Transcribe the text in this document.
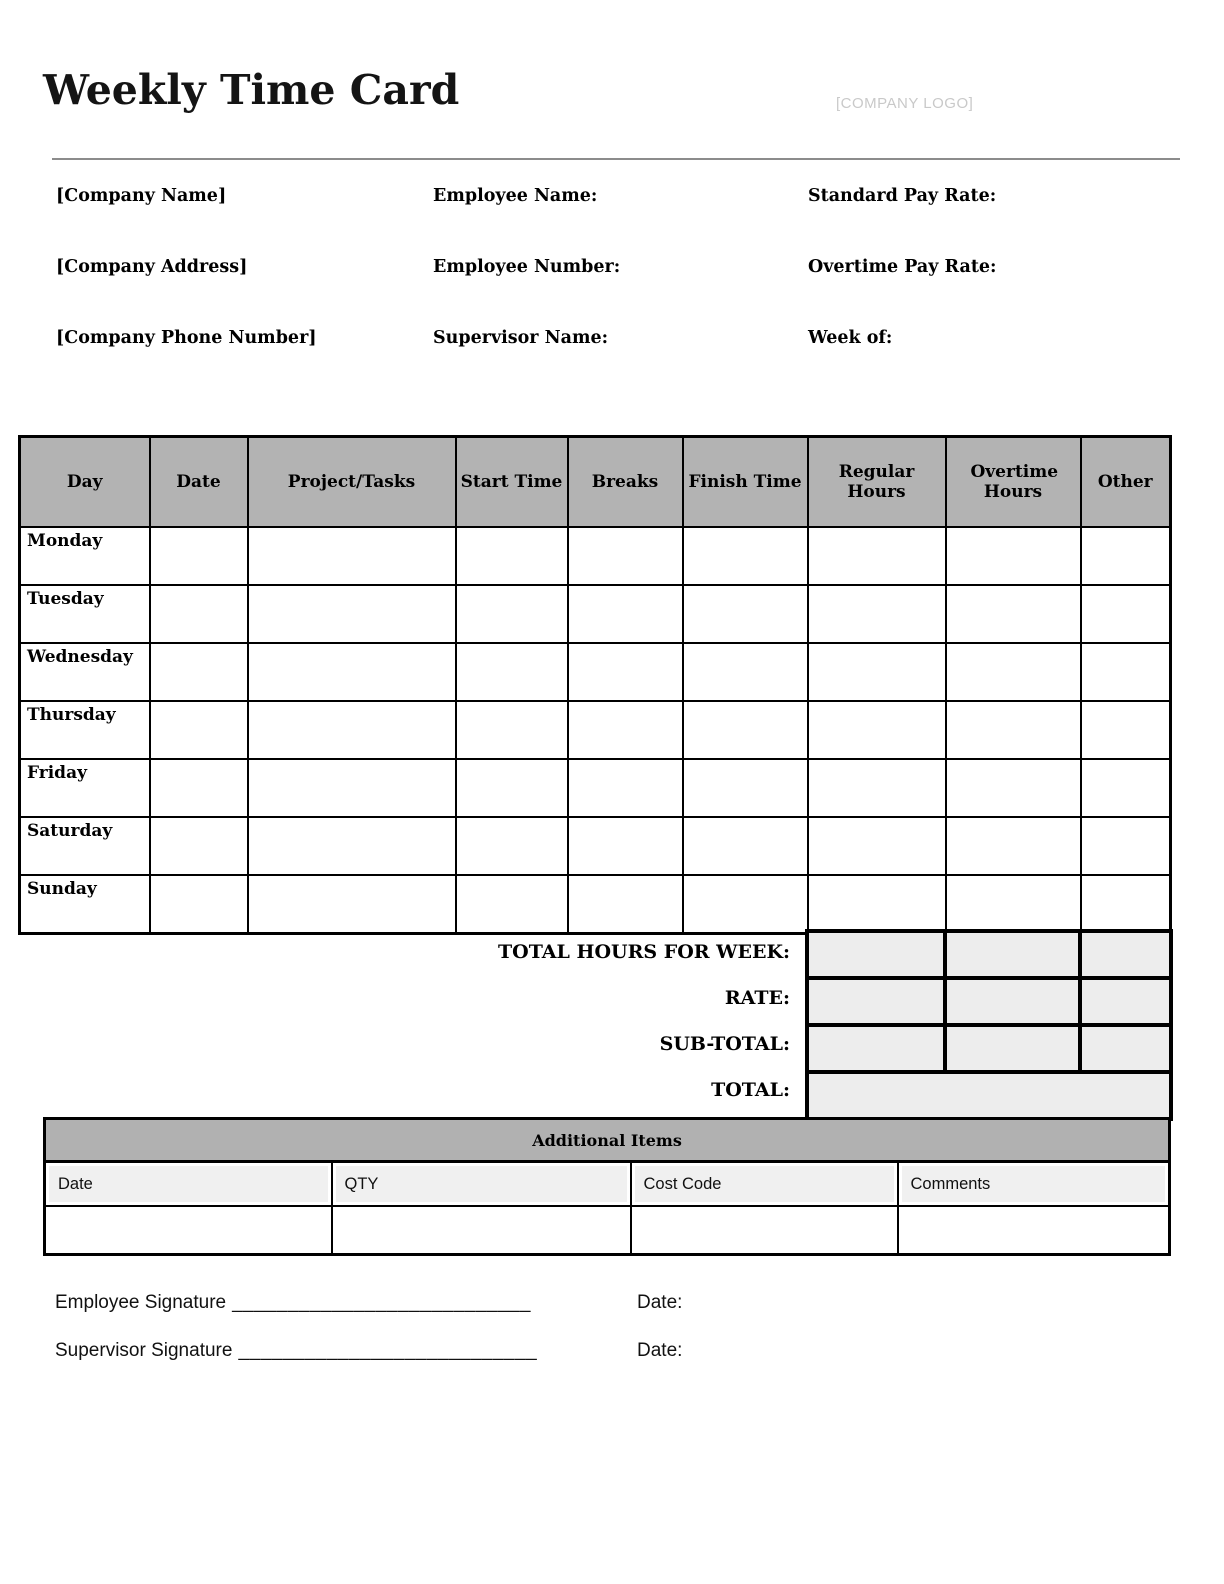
Weekly Time Card	[COMPANY LOGO]

[Company Name]

[Company Address]

[Company Phone Number]

Employee Name:

Employee Number:

Supervisor Name:

Standard Pay Rate:

Overtime Pay Rate:

Week of:

Day	Date	Project/Tasks	Start Time	Breaks	Finish Time	Regular Hours	Overtime Hours	Other
Monday								
Tuesday								
Wednesday								
Thursday								
Friday								
Saturday								
Sunday								
TOTAL HOURS FOR WEEK:
RATE:
SUB-TOTAL:
TOTAL:

Additional Items			
Date	QTY	Cost Code	Comments

Employee Signature ___________________________	Date:
Supervisor Signature ___________________________	Date:
